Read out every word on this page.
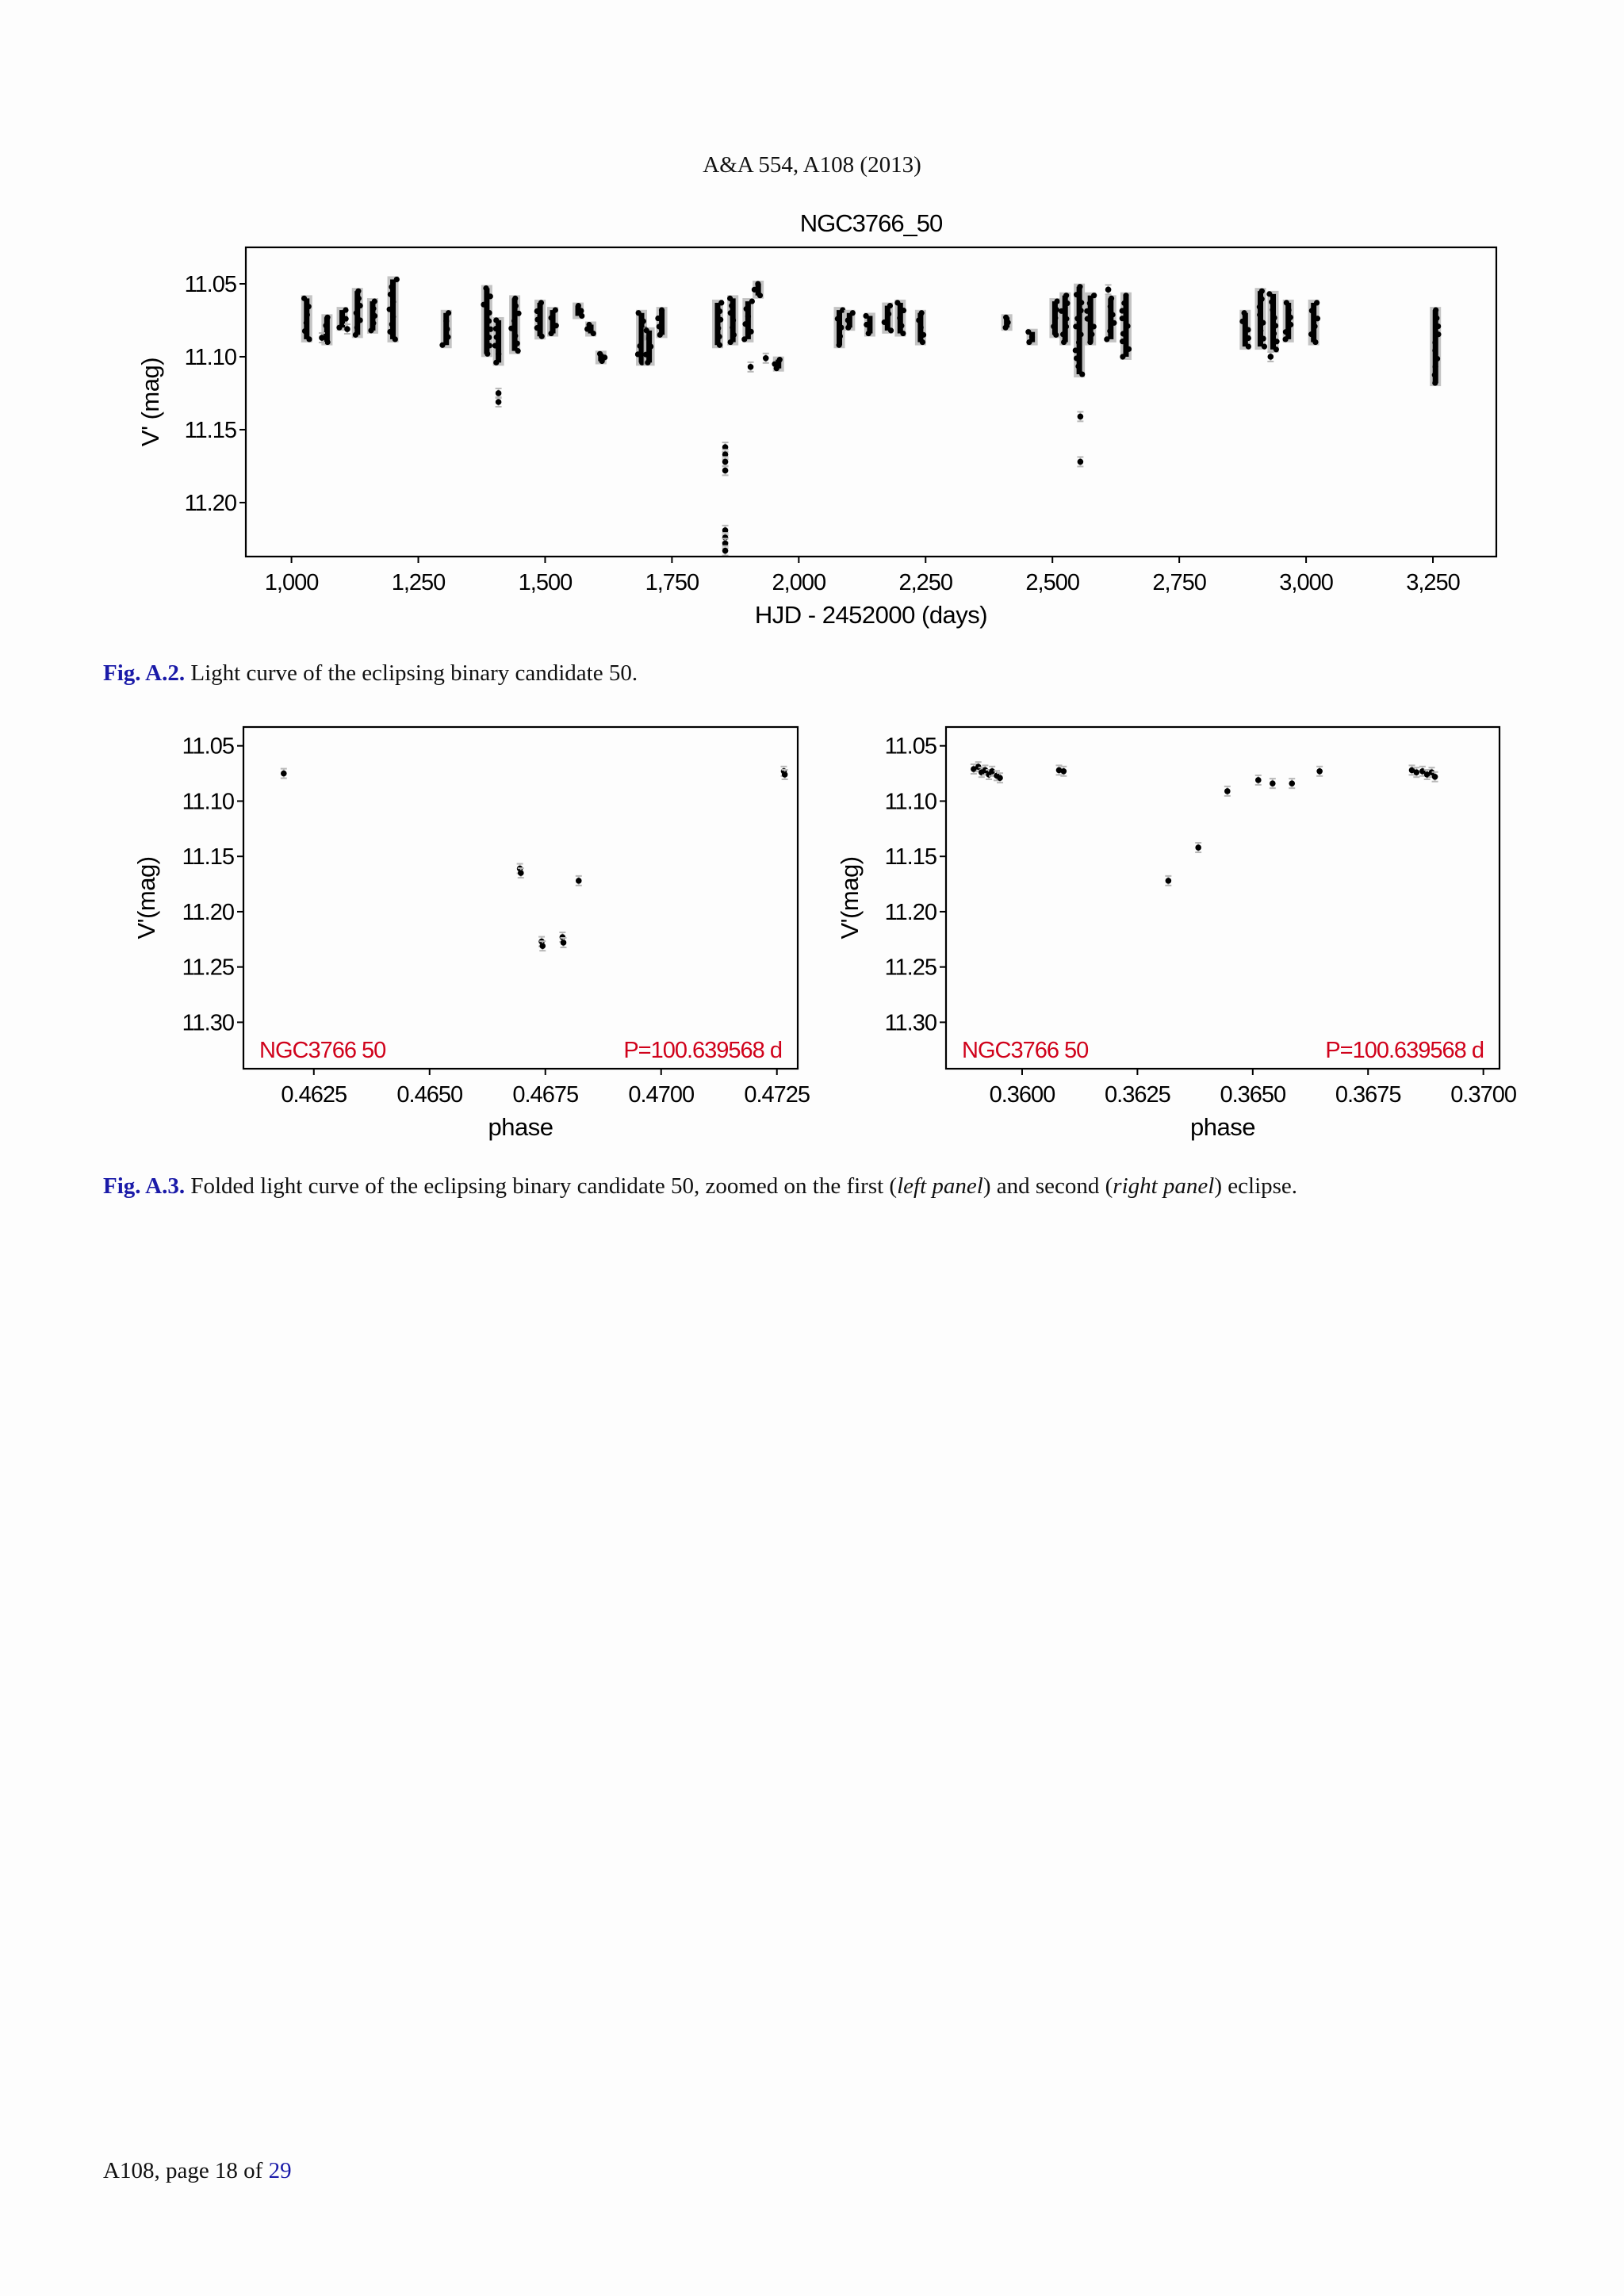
A&A 554, A108 (2013)
NGC3766_50
11.05
11.10
11.15
11.20
1,000	1,250	1,500	1,750	2,000	2,250	2,500	2,750	3,000	3,250
HJD - 2452000 (days)
V' (mag)
Fig. A.2. Light curve of the eclipsing binary candidate 50.
11.05
11.10
11.15
11.20
11.25
11.30
0.4625 0.4650 0.4675 0.4700 0.4725
phase
V'(mag)
NGC3766 50	P=100.639568 d
11.05
11.10
11.15
11.20
11.25
11.30
0.3600 0.3625 0.3650 0.3675 0.3700
phase
V'(mag)
NGC3766 50	P=100.639568 d
Fig. A.3. Folded light curve of the eclipsing binary candidate 50, zoomed on the first (left panel) and second (right panel) eclipse.
A108, page 18 of 29
